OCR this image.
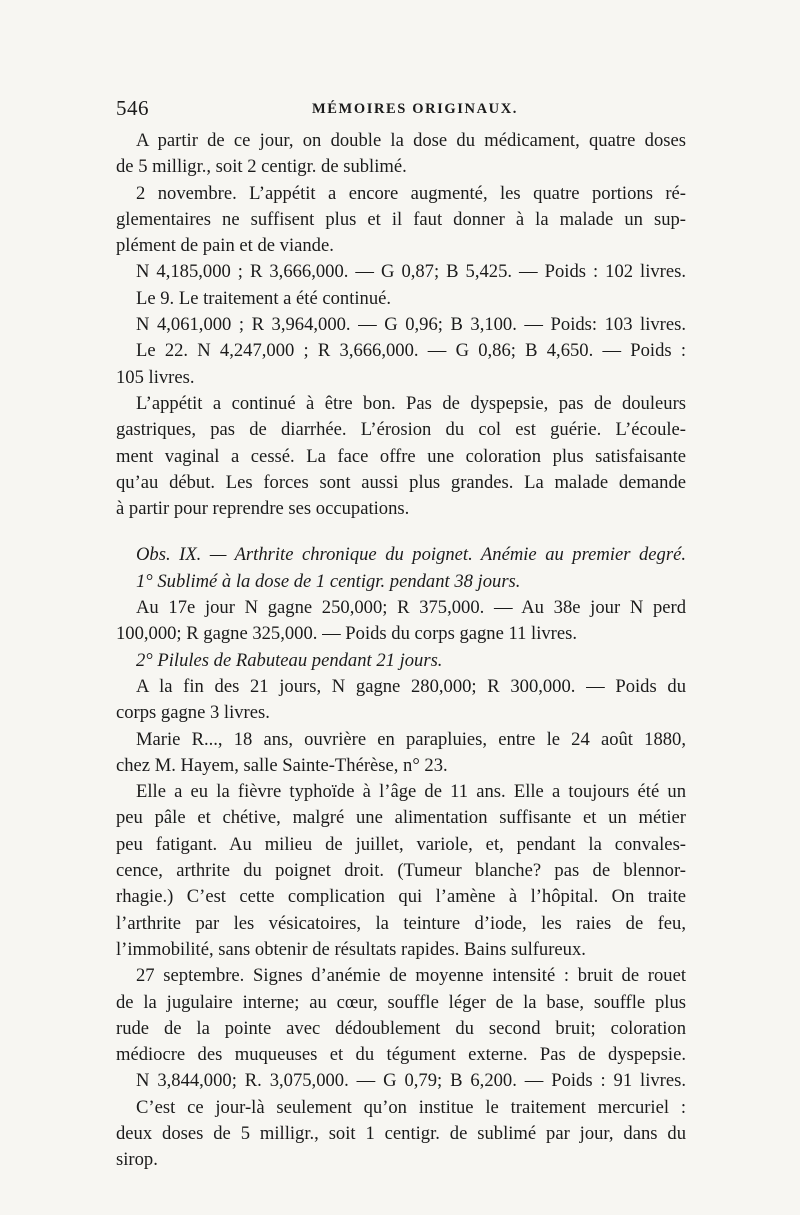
546	MÉMOIRES ORIGINAUX.
A partir de ce jour, on double la dose du médicament, quatre doses
de 5 milligr., soit 2 centigr. de sublimé.
2 novembre. L’appétit a encore augmenté, les quatre portions ré-
glementaires ne suffisent plus et il faut donner à la malade un sup-
plément de pain et de viande.
N 4,185,000 ; R 3,666,000. — G 0,87; B 5,425. — Poids : 102 livres.
Le 9. Le traitement a été continué.
N 4,061,000 ; R 3,964,000. — G 0,96; B 3,100. — Poids: 103 livres.
Le 22. N 4,247,000 ; R 3,666,000. — G 0,86; B 4,650. — Poids :
105 livres.
L’appétit a continué à être bon. Pas de dyspepsie, pas de douleurs
gastriques, pas de diarrhée. L’érosion du col est guérie. L’écoule-
ment vaginal a cessé. La face offre une coloration plus satisfaisante
qu’au début. Les forces sont aussi plus grandes. La malade demande
à partir pour reprendre ses occupations.
Obs. IX. — Arthrite chronique du poignet. Anémie au premier degré.
1° Sublimé à la dose de 1 centigr. pendant 38 jours.
Au 17e jour N gagne 250,000; R 375,000. — Au 38e jour N perd
100,000; R gagne 325,000. — Poids du corps gagne 11 livres.
2° Pilules de Rabuteau pendant 21 jours.
A la fin des 21 jours, N gagne 280,000; R 300,000. — Poids du
corps gagne 3 livres.
Marie R..., 18 ans, ouvrière en parapluies, entre le 24 août 1880,
chez M. Hayem, salle Sainte-Thérèse, n° 23.
Elle a eu la fièvre typhoïde à l’âge de 11 ans. Elle a toujours été un
peu pâle et chétive, malgré une alimentation suffisante et un métier
peu fatigant. Au milieu de juillet, variole, et, pendant la convales-
cence, arthrite du poignet droit. (Tumeur blanche? pas de blennor-
rhagie.) C’est cette complication qui l’amène à l’hôpital. On traite
l’arthrite par les vésicatoires, la teinture d’iode, les raies de feu,
l’immobilité, sans obtenir de résultats rapides. Bains sulfureux.
27 septembre. Signes d’anémie de moyenne intensité : bruit de rouet
de la jugulaire interne; au cœur, souffle léger de la base, souffle plus
rude de la pointe avec dédoublement du second bruit; coloration
médiocre des muqueuses et du tégument externe. Pas de dyspepsie.
N 3,844,000; R. 3,075,000. — G 0,79; B 6,200. — Poids : 91 livres.
C’est ce jour-là seulement qu’on institue le traitement mercuriel :
deux doses de 5 milligr., soit 1 centigr. de sublimé par jour, dans du
sirop.
